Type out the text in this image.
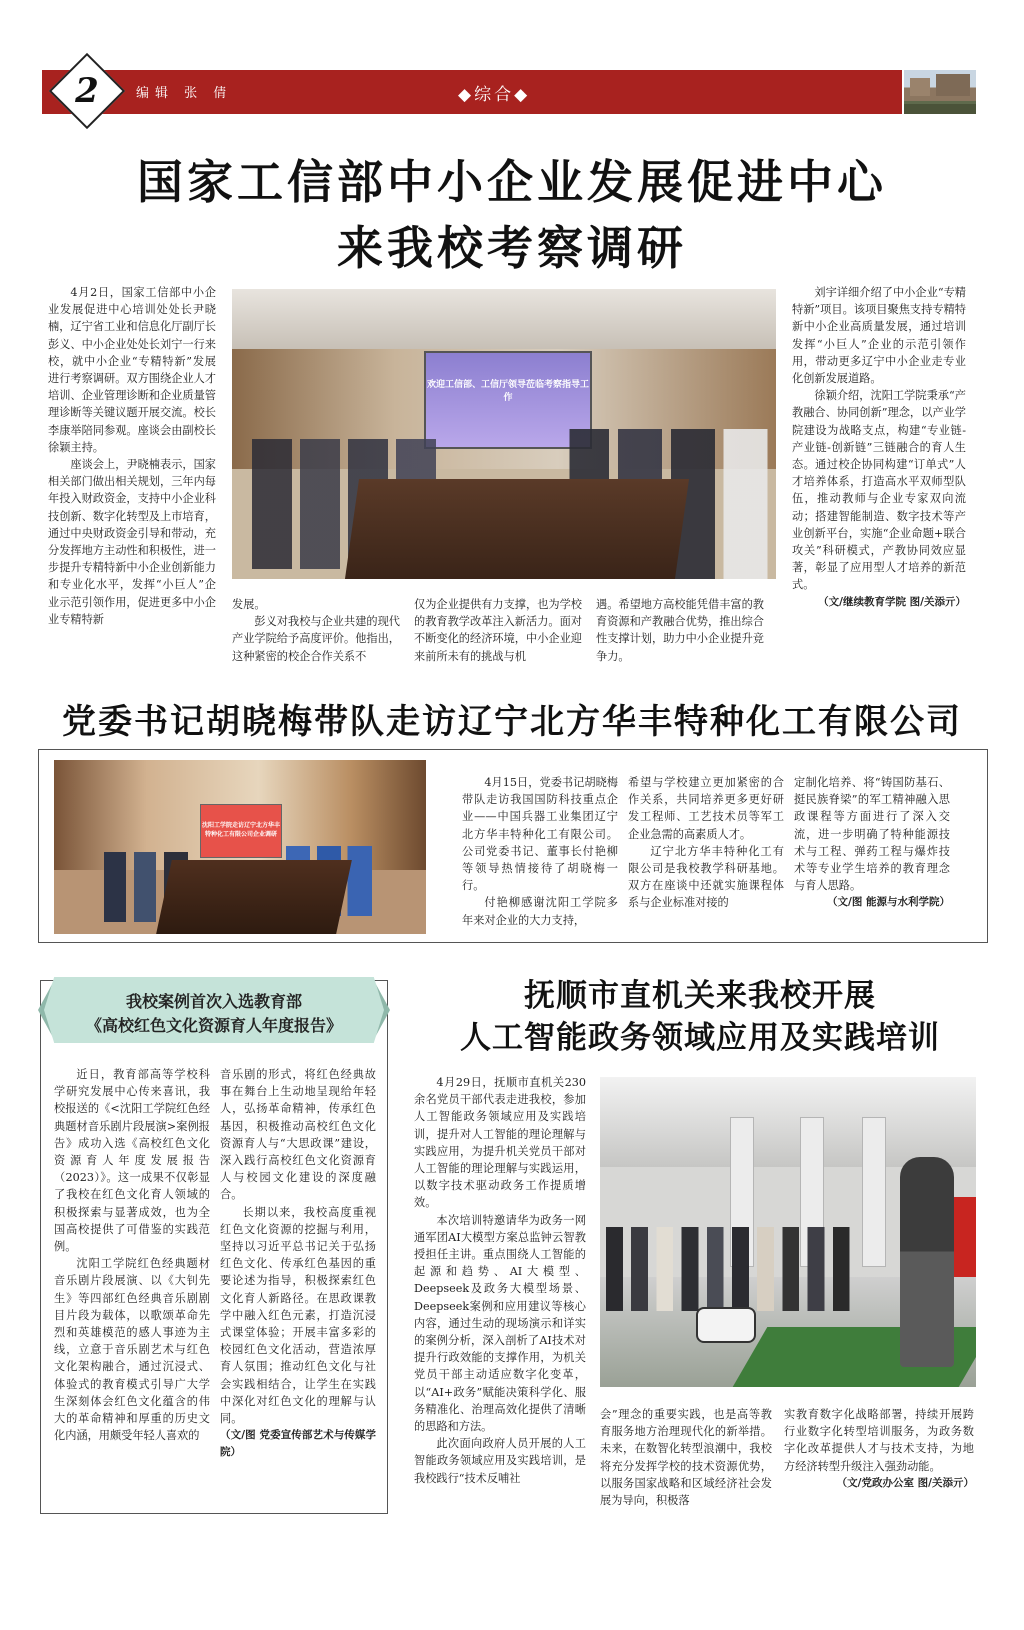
2	编辑 张 倩	◆综合◆
国家工信部中小企业发展促进中心
来我校考察调研

4月2日，国家工信部中小企业发展促进中心培训处处长尹晓楠，辽宁省工业和信息化厅副厅长彭义、中小企业处处长刘宁一行来校，就中小企业“专精特新”发展进行考察调研。双方围绕企业人才培训、企业管理诊断和企业质量管理诊断等关键议题开展交流。校长李康举陪同参观。座谈会由副校长徐颖主持。

座谈会上，尹晓楠表示，国家相关部门做出相关规划，三年内每年投入财政资金，支持中小企业科技创新、数字化转型及上市培育，通过中央财政资金引导和带动，充分发挥地方主动性和积极性，进一步提升专精特新中小企业创新能力和专业化水平，发挥“小巨人”企业示范引领作用，促进更多中小企业专精特新

欢迎工信部、工信厅领导莅临考察指导工作

发展。

彭义对我校与企业共建的现代产业学院给予高度评价。他指出，这种紧密的校企合作关系不

仅为企业提供有力支撑，也为学校的教育教学改革注入新活力。面对不断变化的经济环境，中小企业迎来前所未有的挑战与机

遇。希望地方高校能凭借丰富的教育资源和产教融合优势，推出综合性支撑计划，助力中小企业提升竞争力。

刘宇详细介绍了中小企业“专精特新”项目。该项目聚焦支持专精特新中小企业高质量发展，通过培训发挥“小巨人”企业的示范引领作用，带动更多辽宁中小企业走专业化创新发展道路。

徐颖介绍，沈阳工学院秉承“产教融合、协同创新”理念，以产业学院建设为战略支点，构建“专业链-产业链-创新链”三链融合的育人生态。通过校企协同构建“订单式”人才培养体系，打造高水平双师型队伍，推动教师与企业专家双向流动；搭建智能制造、数字技术等产业创新平台，实施“企业命题+联合攻关”科研模式，产教协同效应显著，彰显了应用型人才培养的新范式。

（文/继续教育学院 图/关添亓）

党委书记胡晓梅带队走访辽宁北方华丰特种化工有限公司
沈阳工学院走访辽宁北方华丰特种化工有限公司企业调研

4月15日，党委书记胡晓梅带队走访我国国防科技重点企业——中国兵器工业集团辽宁北方华丰特种化工有限公司。公司党委书记、董事长付艳柳等领导热情接待了胡晓梅一行。

付艳柳感谢沈阳工学院多年来对企业的大力支持，

希望与学校建立更加紧密的合作关系，共同培养更多更好研发工程师、工艺技术员等军工企业急需的高素质人才。

辽宁北方华丰特种化工有限公司是我校教学科研基地。双方在座谈中还就实施课程体系与企业标准对接的

定制化培养、将“铸国防基石、挺民族脊梁”的军工精神融入思政课程等方面进行了深入交流，进一步明确了特种能源技术与工程、弹药工程与爆炸技术等专业学生培养的教育理念与育人思路。

（文/图 能源与水利学院）

我校案例首次入选教育部
《高校红色文化资源育人年度报告》

近日，教育部高等学校科学研究发展中心传来喜讯，我校报送的《<沈阳工学院红色经典题材音乐剧片段展演>案例报告》成功入选《高校红色文化资源育人年度发展报告（2023）》。这一成果不仅彰显了我校在红色文化育人领域的积极探索与显著成效，也为全国高校提供了可借鉴的实践范例。

沈阳工学院红色经典题材音乐剧片段展演、以《大钊先生》等四部红色经典音乐剧剧目片段为载体，以歌颂革命先烈和英雄模范的感人事迹为主线，立意于音乐剧艺术与红色文化架构融合，通过沉浸式、体验式的教育模式引导广大学生深刻体会红色文化蕴含的伟大的革命精神和厚重的历史文化内涵，用颇受年轻人喜欢的

音乐剧的形式，将红色经典故事在舞台上生动地呈现给年轻人，弘扬革命精神，传承红色基因，积极推动高校红色文化资源育人与“大思政课”建设，深入践行高校红色文化资源育人与校园文化建设的深度融合。

长期以来，我校高度重视红色文化资源的挖掘与利用，坚持以习近平总书记关于弘扬红色文化、传承红色基因的重要论述为指导，积极探索红色文化育人新路径。在思政课教学中融入红色元素，打造沉浸式课堂体验；开展丰富多彩的校园红色文化活动，营造浓厚育人氛围；推动红色文化与社会实践相结合，让学生在实践中深化对红色文化的理解与认同。

（文/图 党委宣传部艺术与传媒学院）

抚顺市直机关来我校开展
人工智能政务领域应用及实践培训

4月29日，抚顺市直机关230余名党员干部代表走进我校，参加人工智能政务领域应用及实践培训，提升对人工智能的理论理解与实践应用，为提升机关党员干部对人工智能的理论理解与实践运用，以数字技术驱动政务工作提质增效。

本次培训特邀请华为政务一网通军团AI大模型方案总监钟云智教授担任主讲。重点围绕人工智能的起源和趋势、AI大模型、Deepseek及政务大模型场景、Deepseek案例和应用建议等核心内容，通过生动的现场演示和详实的案例分析，深入剖析了AI技术对提升行政效能的支撑作用，为机关党员干部主动适应数字化变革，以“AI+政务”赋能决策科学化、服务精准化、治理高效化提供了清晰的思路和方法。

此次面向政府人员开展的人工智能政务领域应用及实践培训，是我校践行“技术反哺社

会”理念的重要实践，也是高等教育服务地方治理现代化的新举措。未来，在数智化转型浪潮中，我校将充分发挥学校的技术资源优势，以服务国家战略和区域经济社会发展为导向，积极落

实教育数字化战略部署，持续开展跨行业数字化转型培训服务，为政务数字化改革提供人才与技术支持，为地方经济转型升级注入强劲动能。

（文/党政办公室 图/关添亓）
